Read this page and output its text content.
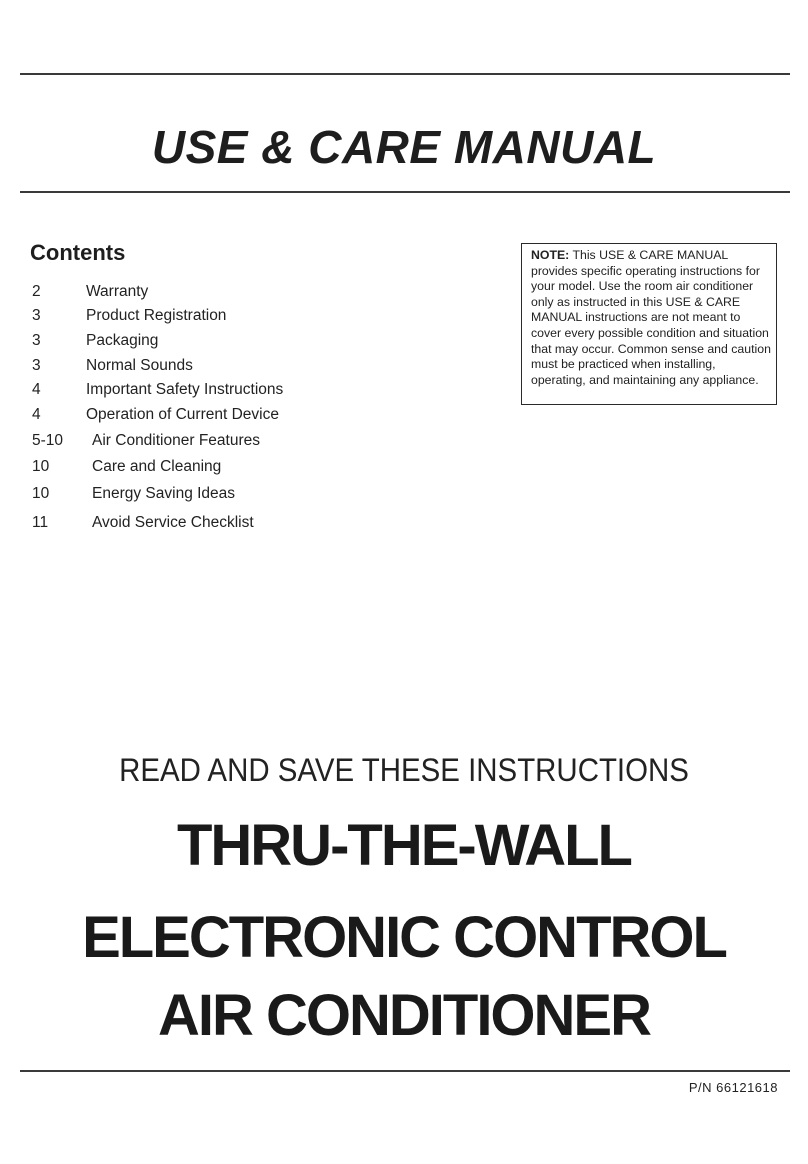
USE & CARE MANUAL
Contents
2	Warranty
3	Product Registration
3	Packaging
3	Normal Sounds
4	Important Safety Instructions
4	Operation of Current Device
5-10 Air Conditioner Features
10	Care and Cleaning
10	Energy Saving Ideas
11	Avoid Service Checklist
NOTE: This USE & CARE MANUAL provides specific operating instructions for your model. Use the room air conditioner only as instructed in this USE & CARE MANUAL instructions are not meant to cover every possible condition and situation that may occur. Common sense and caution must be practiced when installing, operating, and maintaining any appliance.
READ AND SAVE THESE INSTRUCTIONS
THRU-THE-WALL
ELECTRONIC CONTROL
AIR CONDITIONER
P/N 66121618
